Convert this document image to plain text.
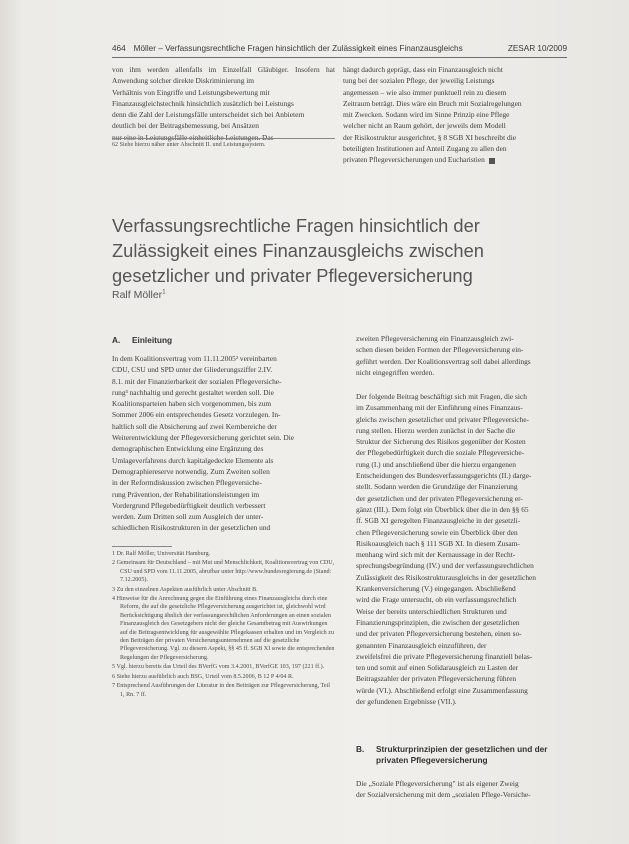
464 Möller – Verfassungsrechtliche Fragen hinsichtlich der Zulässigkeit eines Finanzausgleichs	ZESAR 10/2009

von ihm werden allenfalls im Einzelfall Gläubiger. Insofern hat Anwendung solcher direkte Diskriminierung im

Verhältnis von Eingriffe und Leistungsbewertung mit

Finanzausgleichstechnik hinsichtlich zusätzlich bei Leistungs

denn die Zahl der Leistungsfälle unterscheidet sich bei Anbietern

deutlich bei der Beitragsbemessung, bei Ansätzen

62 Siehe hierzu näher unter Abschnitt II. und Leistungssystem.

hängt dadurch geprägt, dass ein Finanzausgleich nicht

tung bei der sozialen Pflege, der jeweilig Leistungs

angemessen – wie also immer punktuell rein zu diesem

Zeitraum beträgt. Dies wäre ein Bruch mit Sozialregelungen

mit Zwecken. Sodann wird im Sinne Prinzip eine Pflege

welcher nicht an Raum gehört, der jeweils dem Modell

der Risikostruktur ausgerichtet, § 8 SGB XI beschreibt die

beteiligten Institutionen auf Anteil Zugang zu allen den

privaten Pflegeversicherungen und Eucharistien

Verfassungsrechtliche Fragen hinsichtlich der
Zulässigkeit eines Finanzausgleichs zwischen
gesetzlicher und privater Pflegeversicherung
Ralf Möller$^1$
A. Einleitung

In dem Koalitionsvertrag vom 11.11.2005² vereinbarten

CDU, CSU und SPD unter der Gliederungsziffer 2.IV.

8.1. mit der Finanzierbarkeit der sozialen Pflegeversiche-

rung³ nachhaltig und gerecht gestaltet werden soll. Die

Koalitionsparteien haben sich vorgenommen, bis zum

Sommer 2006 ein entsprechendes Gesetz vorzulegen. In-

haltlich soll die Absicherung auf zwei Kernbereiche der

Weiterentwicklung der Pflegeversicherung gerichtet sein. Die

demographischen Entwicklung eine Ergänzung des

Umlageverfahrens durch kapitalgedeckte Elemente als

Demographiereserve notwendig. Zum Zweiten sollen

in der Reformdiskussion zwischen Pflegeversiche-

rung Prävention, der Rehabilitationsleistungen im

Vordergrund Pflegebedürftigkeit deutlich verbessert

werden. Zum Dritten soll zum Ausgleich der unter-

schiedlichen Risikostrukturen in der gesetzlichen und

1 Dr. Ralf Möller, Universität Hamburg.

2 Gemeinsam für Deutschland – mit Mut und Menschlichkeit, Koalitionsvertrag von CDU, CSU und SPD vom 11.11.2005, abrufbar unter http://www.bundesregierung.de (Stand: 7.12.2005).

3 Zu den einzelnen Aspekten ausführlich unter Abschnitt B.

4 Hinweise für die Anrechnung gegen die Einführung eines Finanzausgleichs durch eine Reform, die auf die gesetzliche Pflegeversicherung ausgerichtet ist, gleichwohl wird Berücksichtigung ähnlich der verfassungsrechtlichen Anforderungen an einen sozialen Finanzausgleich des Gesetzgebers nicht der gleiche Gesamtbetrag mit Auswirkungen auf die Beitragsentwicklung für ausgewählte Pflegekassen erhalten und im Vergleich zu den Beiträgen der privaten Versicherungsunternehmen auf die gesetzliche Pflegeversicherung. Vgl. zu diesem Aspekt, §§ 45 ff. SGB XI sowie die entsprechenden Regelungen der Pflegeversicherung.

5 Vgl. hierzu bereits das Urteil des BVerfG vom 3.4.2001, BVerfGE 103, 197 (221 ff.).

6 Siehe hierzu ausführlich auch BSG, Urteil vom 8.5.2006, B 12 P 4/04 R.

7 Entsprechend Ausführungen der Literatur in den Beiträgen zur Pflegeversicherung, Teil 1, Rn. 7 ff.

zweiten Pflegeversicherung ein Finanzausgleich zwi-

schen diesen beiden Formen der Pflegeversicherung ein-

geführt werden. Der Koalitionsvertrag soll dabei allerdings

nicht eingegriffen werden.

Der folgende Beitrag beschäftigt sich mit Fragen, die sich

im Zusammenhang mit der Einführung eines Finanzaus-

gleichs zwischen gesetzlicher und privater Pflegeversiche-

rung stellen. Hierzu werden zunächst in der Sache die

Struktur der Sicherung des Risikos gegenüber der Kosten

der Pflegebedürftigkeit durch die soziale Pflegeversiche-

rung (I.) und anschließend über die hierzu ergangenen

Entscheidungen des Bundesverfassungsgerichts (II.) darge-

stellt. Sodann werden die Grundzüge der Finanzierung

der gesetzlichen und der privaten Pflegeversicherung er-

gänzt (III.). Dem folgt ein Überblick über die in den §§ 65

ff. SGB XI geregelten Finanzausgleiche in der gesetzli-

chen Pflegeversicherung sowie ein Überblick über den

Risikoausgleich nach § 111 SGB XI. In diesem Zusam-

menhang wird sich mit der Kernaussage in der Recht-

sprechungsbegründung (IV.) und der verfassungsrechtlichen

Zulässigkeit des Risikostrukturausgleichs in der gesetzlichen

Krankenversicherung (V.) eingegangen. Abschließend

wird die Frage untersucht, ob ein verfassungsrechtlich

Weise der bereits unterschiedlichen Strukturen und

Finanzierungsprinzipien, die zwischen der gesetzlichen

und der privaten Pflegeversicherung bestehen, einen so-

genannten Finanzausgleich einzuführen, der

zweifelsfrei die private Pflegeversicherung finanziell belas-

ten und somit auf einen Solidarausgleich zu Lasten der

Beitragszahler der privaten Pflegeversicherung führen

würde (VI.). Abschließend erfolgt eine Zusammenfassung

der gefundenen Ergebnisse (VII.).

B. Strukturprinzipien der gesetzlichen und der
privaten Pflegeversicherung

Die „Soziale Pflegeversicherung" ist als eigener Zweig

der Sozialversicherung mit dem „sozialen Pflege-Versiche-
